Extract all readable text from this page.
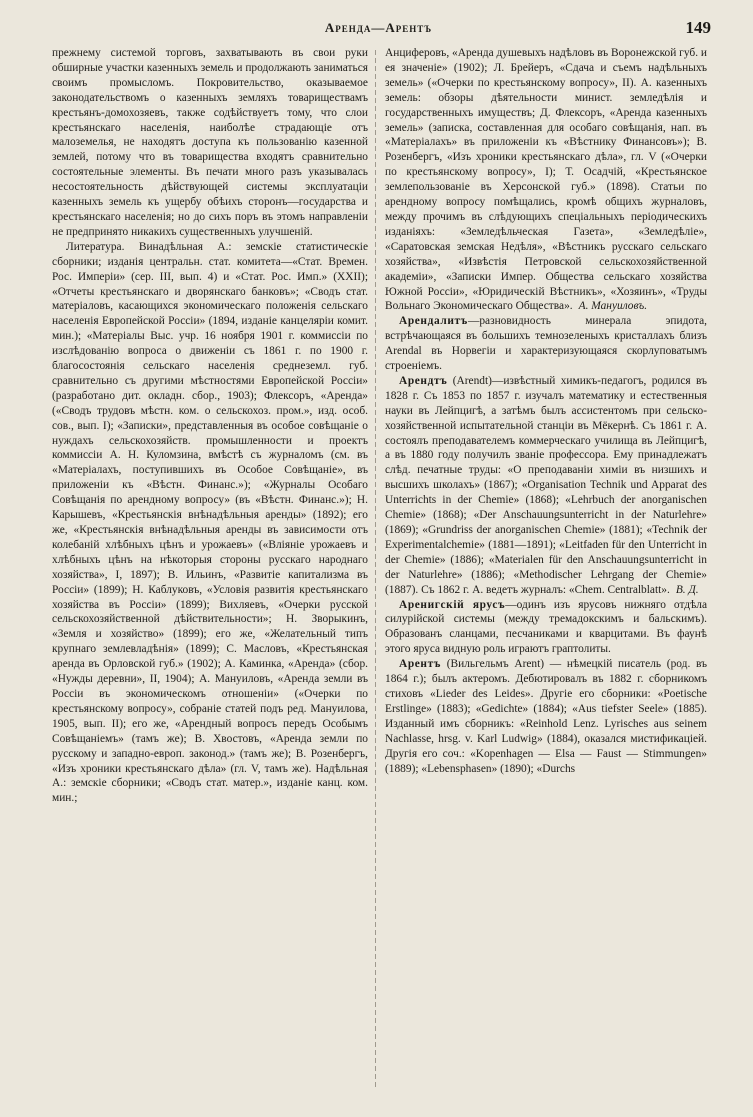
Аренда—Арентъ	149

прежнему системой торговъ, захватывають въ свои руки обширные участки казенныхъ земель и продолжають заниматься своимъ промысломъ. Покровительство, оказываемое законодательствомъ о казенныхъ земляхъ товариществамъ крестьянъ-домохозяевъ, также содѣйствуетъ тому, что слои крестьянскаго населенія, наиболѣе страдающіе отъ малоземелья, не находятъ доступа къ пользованію казенной землей, потому что въ товарищества входятъ сравнительно состоятельные элементы. Въ печати много разъ указывалась несостоятельность дѣйствующей системы эксплуатаціи казенныхъ земель къ ущербу обѣихъ сторонъ—государства и крестьянскаго населенія; но до сихъ поръ въ этомъ направленіи не предпринято никакихъ существенныхъ улучшеній.

Литература. Винадѣльная А.: земскіе статистическіе сборники; изданія центральн. стат. комитета—«Стат. Времен. Рос. Имперіи» (сер. III, вып. 4) и «Стат. Рос. Имп.» (XXII); «Отчеты крестьянскаго и дворянскаго банковъ»; «Сводъ стат. матеріаловъ, касающихся экономическаго положенія сельскаго населенія Европейской Россіи» (1894, изданіе канцеляріи комит. мин.); «Матеріалы Выс. учр. 16 ноября 1901 г. коммиссіи по изслѣдованію вопроса о движеніи съ 1861 г. по 1900 г. благосостоянія сельскаго населенія среднеземл. губ. сравнительно съ другими мѣстностями Европейской Россіи» (разработано дит. окладн. сбор., 1903); Флексоръ, «Аренда» («Сводъ трудовъ мѣстн. ком. о сельскохоз. пром.», изд. особ. сов., вып. I); «Записки», представленныя въ особое совѣщаніе о нуждахъ сельскохозяйств. промышленности и проектъ коммиссіи А. Н. Куломзина, вмѣстѣ съ журналомъ (см. въ «Матеріалахъ, поступившихъ въ Особое Совѣщаніе», въ приложеніи къ «Вѣстн. Финанс.»); «Журналы Особаго Совѣщанія по арендному вопросу» (въ «Вѣстн. Финанс.»); Н. Карышевъ, «Крестьянскія внѣнадѣльныя аренды» (1892); его же, «Крестьянскія внѣнадѣльныя аренды въ зависимости отъ колебаній хлѣбныхъ цѣнъ и урожаевъ» («Вліяніе урожаевъ и хлѣбныхъ цѣнъ на нѣкоторыя стороны русскаго народнаго хозяйства», I, 1897); В. Ильинъ, «Развитіе капитализма въ Россіи» (1899); Н. Каблуковъ, «Условія развитія крестьянскаго хозяйства въ Россіи» (1899); Вихляевъ, «Очерки русской сельскохозяйственной дѣйствительности»; Н. Зворыкинъ, «Земля и хозяйство» (1899); его же, «Желательный типъ крупнаго землевладѣнія» (1899); С. Масловъ, «Крестьянская аренда въ Орловской губ.» (1902); А. Каминка, «Аренда» (сбор. «Нужды деревни», II, 1904); А. Мануиловъ, «Аренда земли въ Россіи въ экономическомъ отношеніи» («Очерки по крестьянскому вопросу», собраніе статей подъ ред. Мануилова, 1905, вып. II); его же, «Арендный вопросъ передъ Особымъ Совѣщаніемъ» (тамъ же); В. Хвостовъ, «Аренда земли по русскому и западно-европ. законод.» (тамъ же); В. Розенбергъ, «Изъ хроники крестьянскаго дѣла» (гл. V, тамъ же). Надѣльная А.: земскіе сборники; «Сводъ стат. матер.», изданіе канц. ком. мин.;

Анциферовъ, «Аренда душевыхъ надѣловъ въ Воронежской губ. и ея значеніе» (1902); Л. Брейеръ, «Сдача и съемъ надѣльныхъ земель» («Очерки по крестьянскому вопросу», II). А. казенныхъ земель: обзоры дѣятельности минист. земледѣлія и государственныхъ имуществъ; Д. Флексоръ, «Аренда казенныхъ земель» (записка, составленная для особаго совѣщанія, нап. въ «Матеріалахъ» въ приложеніи къ «Вѣстнику Финансовъ»); В. Розенбергъ, «Изъ хроники крестьянскаго дѣла», гл. V («Очерки по крестьянскому вопросу», I); Т. Осадчій, «Крестьянское землепользованіе въ Херсонской губ.» (1898). Статьи по арендному вопросу помѣщались, кромѣ общихъ журналовъ, между прочимъ въ слѣдующихъ спеціальныхъ періодическихъ изданіяхъ: «Земледѣльческая Газета», «Земледѣліе», «Саратовская земская Недѣля», «Вѣстникъ русскаго сельскаго хозяйства», «Извѣстія Петровской сельскохозяйственной академіи», «Записки Импер. Общества сельскаго хозяйства Южной Россіи», «Юридическій Вѣстникъ», «Хозяинъ», «Труды Вольнаго Экономическаго Общества». А. Мануиловъ.

Арендалитъ—разновидность минерала эпидота, встрѣчающаяся въ большихъ темнозеленыхъ кристаллахъ близъ Arendal въ Норвегіи и характеризующаяся скорлуповатымъ строеніемъ.

Арендтъ (Arendt)—извѣстный химикъ-педагогъ, родился въ 1828 г. Съ 1853 по 1857 г. изучалъ математику и естественныя науки въ Лейпцигѣ, а затѣмъ былъ ассистентомъ при сельско-хозяйственной испытательной станціи въ Мёкернѣ. Съ 1861 г. А. состоялъ преподавателемъ коммерческаго училища въ Лейпцигѣ, а въ 1880 году получилъ званіе профессора. Ему принадлежатъ слѣд. печатные труды: «О преподаваніи химіи въ низшихъ и высшихъ школахъ» (1867); «Organisation Technik und Apparat des Unterrichts in der Chemie» (1868); «Lehrbuch der anorganischen Chemie» (1868); «Der Anschauungsunterricht in der Naturlehre» (1869); «Grundriss der anorganischen Chemie» (1881); «Technik der Experimentalchemie» (1881—1891); «Leitfaden für den Unterricht in der Chemie» (1886); «Materialen für den Anschauungsunterricht in der Naturlehre» (1886); «Methodischer Lehrgang der Chemie» (1887). Съ 1862 г. А. ведетъ журналъ: «Chem. Centralblatt». В. Д.

Аренигскій ярусъ—одинъ изъ ярусовъ нижняго отдѣла силурійской системы (между тремадокскимъ и бальскимъ). Образованъ сланцами, песчаниками и кварцитами. Въ фаунѣ этого яруса видную роль играютъ граптолиты.

Арентъ (Вильгельмъ Arent) — нѣмецкій писатель (род. въ 1864 г.); былъ актеромъ. Дебютировалъ въ 1882 г. сборникомъ стиховъ «Lieder des Leides». Другіе его сборники: «Poetische Erstlinge» (1883); «Gedichte» (1884); «Aus tiefster Seele» (1885). Изданный имъ сборникъ: «Reinhold Lenz. Lyrisches aus seinem Nachlasse, hrsg. v. Karl Ludwig» (1884), оказался мистификаціей. Другія его соч.: «Kopenhagen — Elsa — Faust — Stimmungen» (1889); «Lebensphasen» (1890); «Durchs
